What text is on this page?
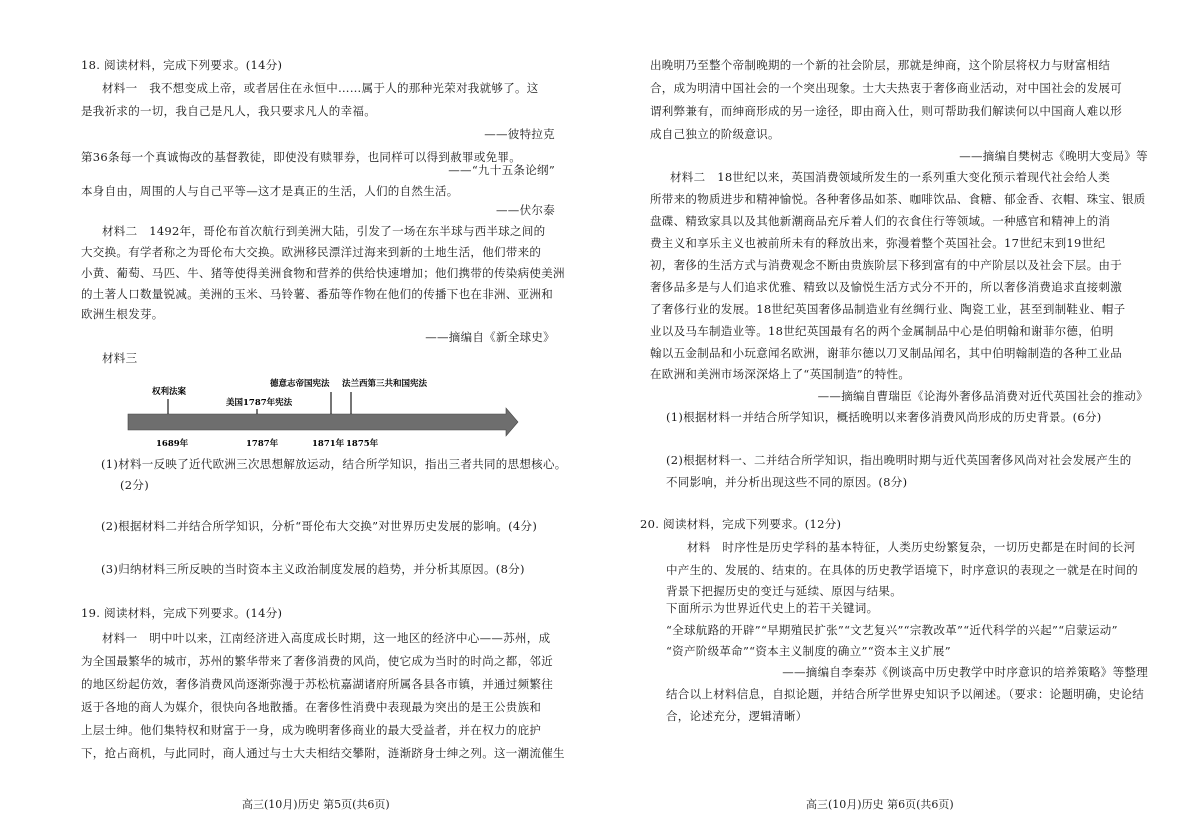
18. 阅读材料，完成下列要求。(14分)
材料一　我不想变成上帝，或者居住在永恒中……属于人的那种光荣对我就够了。这
是我祈求的一切，我自己是凡人，我只要求凡人的幸福。
——彼特拉克
第36条每一个真诚悔改的基督教徒，即使没有赎罪券，也同样可以得到赦罪或免罪。
——“九十五条论纲”
本身自由，周围的人与自己平等—这才是真正的生活，人们的自然生活。
——伏尔泰
材料二　1492年，哥伦布首次航行到美洲大陆，引发了一场在东半球与西半球之间的
大交换。有学者称之为哥伦布大交换。欧洲移民漂洋过海来到新的土地生活，他们带来的
小黄、葡萄、马匹、牛、猪等使得美洲食物和营养的供给快速增加；他们携带的传染病使美洲
的土著人口数量锐减。美洲的玉米、马铃薯、番茄等作物在他们的传播下也在非洲、亚洲和
欧洲生根发芽。
——摘编自《新全球史》
材料三
权利法案
美国1787年宪法
德意志帝国宪法 法兰西第三共和国宪法
1689年	1787年	1871年 1875年
(1)材料一反映了近代欧洲三次思想解放运动，结合所学知识，指出三者共同的思想核心。
(2分)
(2)根据材料二并结合所学知识，分析“哥伦布大交换”对世界历史发展的影响。(4分)
(3)归纳材料三所反映的当时资本主义政治制度发展的趋势，并分析其原因。(8分)
19. 阅读材料，完成下列要求。(14分)
材料一　明中叶以来，江南经济进入高度成长时期，这一地区的经济中心——苏州，成
为全国最繁华的城市，苏州的繁华带来了奢侈消费的风尚，使它成为当时的时尚之都，邻近
的地区纷起仿效，奢侈消费风尚逐渐弥漫于苏松杭嘉湖诸府所属各县各市镇，并通过频繁往
返于各地的商人为媒介，很快向各地散播。在奢侈性消费中表现最为突出的是王公贵族和
上层士绅。他们集特权和财富于一身，成为晚明奢侈商业的最大受益者，并在权力的庇护
下，抢占商机，与此同时，商人通过与士大夫相结交攀附，涟渐跻身士绅之列。这一潮流催生
高三(10月)历史 第5页(共6页)
出晚明乃至整个帝制晚期的一个新的社会阶层，那就是绅商，这个阶层将权力与财富相结
合，成为明清中国社会的一个突出现象。士大夫热衷于奢侈商业活动，对中国社会的发展可
谓利弊兼有，而绅商形成的另一途径，即由商入仕，则可帮助我们解读何以中国商人难以形
成自己独立的阶级意识。
——摘编自樊树志《晚明大变局》等
材料二　18世纪以来，英国消费领域所发生的一系列重大变化预示着现代社会给人类
所带来的物质进步和精神愉悦。各种奢侈品如茶、咖啡饮品、食糖、郁金香、衣帽、珠宝、银质
盘碟、精致家具以及其他新潮商品充斥着人们的衣食住行等领域。一种感官和精神上的消
费主义和享乐主义也被前所未有的释放出来，弥漫着整个英国社会。17世纪末到19世纪
初，奢侈的生活方式与消费观念不断由贵族阶层下移到富有的中产阶层以及社会下层。由于
奢侈品多是与人们追求优雅、精致以及愉悦生活方式分不开的，所以奢侈消费追求直接刺激
了奢侈行业的发展。18世纪英国奢侈品制造业有丝绸行业、陶瓷工业，甚至到制鞋业、帽子
业以及马车制造业等。18世纪英国最有名的两个金属制品中心是伯明翰和谢菲尔德，伯明
翰以五金制品和小玩意闻名欧洲，谢菲尔德以刀叉制品闻名，其中伯明翰制造的各种工业品
在欧洲和美洲市场深深烙上了“英国制造”的特性。
——摘编自曹瑞臣《论海外奢侈品消费对近代英国社会的推动》
(1)根据材料一并结合所学知识，概括晚明以来奢侈消费风尚形成的历史背景。(6分)
(2)根据材料一、二并结合所学知识，指出晚明时期与近代英国奢侈风尚对社会发展产生的
不同影响，并分析出现这些不同的原因。(8分)
20. 阅读材料，完成下列要求。(12分)
材料　时序性是历史学科的基本特征，人类历史纷繁复杂，一切历史都是在时间的长河
中产生的、发展的、结束的。在具体的历史教学语境下，时序意识的表现之一就是在时间的
背景下把握历史的变迁与延续、原因与结果。
下面所示为世界近代史上的若干关键词。
“全球航路的开辟”“早期殖民扩张”“文艺复兴”“宗教改革”“近代科学的兴起”“启蒙运动”
“资产阶级革命”“资本主义制度的确立”“资本主义扩展”
——摘编自李秦苏《例谈高中历史教学中时序意识的培养策略》等整理
结合以上材料信息，自拟论题，并结合所学世界史知识予以阐述。（要求：论题明确，史论结
合，论述充分，逻辑清晰）
高三(10月)历史 第6页(共6页)
